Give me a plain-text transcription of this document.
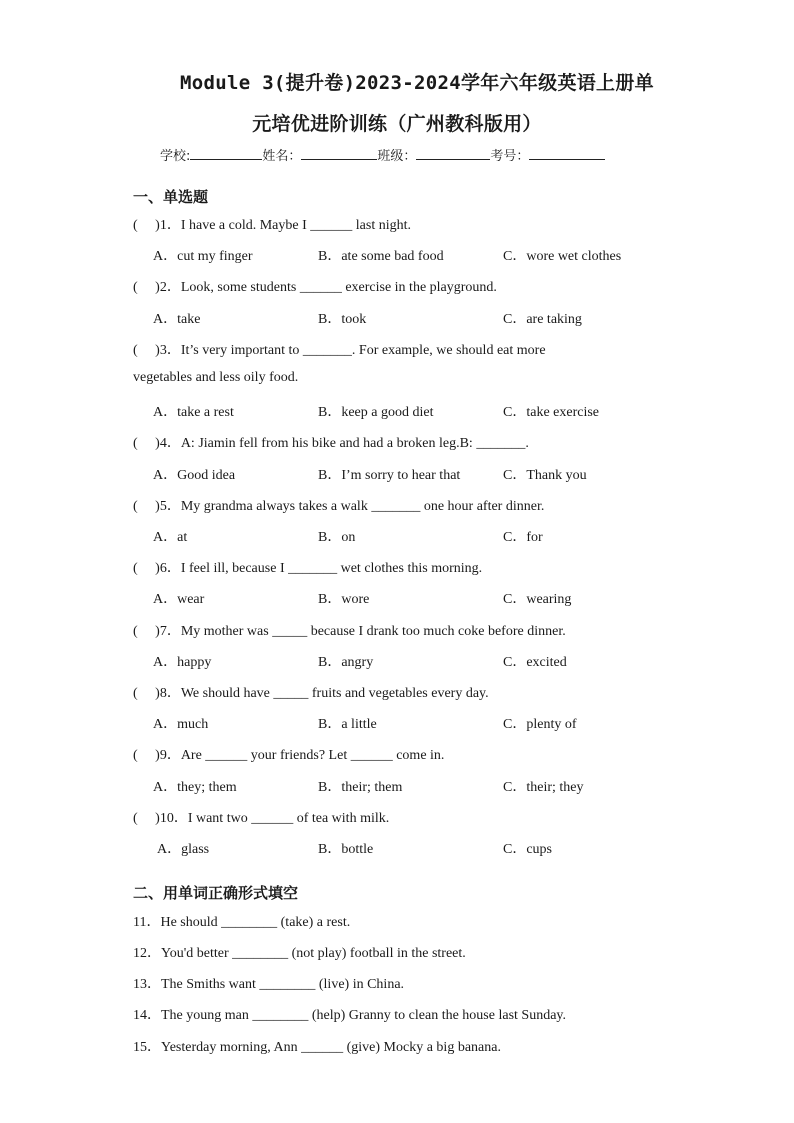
Module 3(提升卷)2023-2024学年六年级英语上册单
元培优进阶训练（广州教科版用）
学校:	姓名：	班级：	考号：
一、单选题
(　 )1．I have a cold. Maybe I ______ last night.
A．cut my finger	B．ate some bad food	C．wore wet clothes
(　 )2．Look, some students ______ exercise in the playground.
A．take	B．took	C．are taking
(　 )3．It’s very important to _______. For example, we should eat more
vegetables and less oily food.
A．take a rest	B．keep a good diet	C．take exercise
(　 )4．A: Jiamin fell from his bike and had a broken leg.B: _______.
A．Good idea	B．I’m sorry to hear that	C．Thank you
(　 )5．My grandma always takes a walk _______ one hour after dinner.
A．at	B．on	C．for
(　 )6．I feel ill, because I _______ wet clothes this morning.
A．wear	B．wore	C．wearing
(　 )7．My mother was _____ because I drank too much coke before dinner.
A．happy	B．angry	C．excited
(　 )8．We should have _____ fruits and vegetables every day.
A．much	B．a little	C．plenty of
(　 )9．Are ______ your friends? Let ______ come in.
A．they; them	B．their; them	C．their; they
(　 )10．I want two ______ of tea with milk.
A．glass	B．bottle	C．cups
二、用单词正确形式填空
11．He should ________ (take) a rest.
12．You'd better ________ (not play) football in the street.
13．The Smiths want ________ (live) in China.
14．The young man ________ (help) Granny to clean the house last Sunday.
15．Yesterday morning, Ann ______ (give) Mocky a big banana.
